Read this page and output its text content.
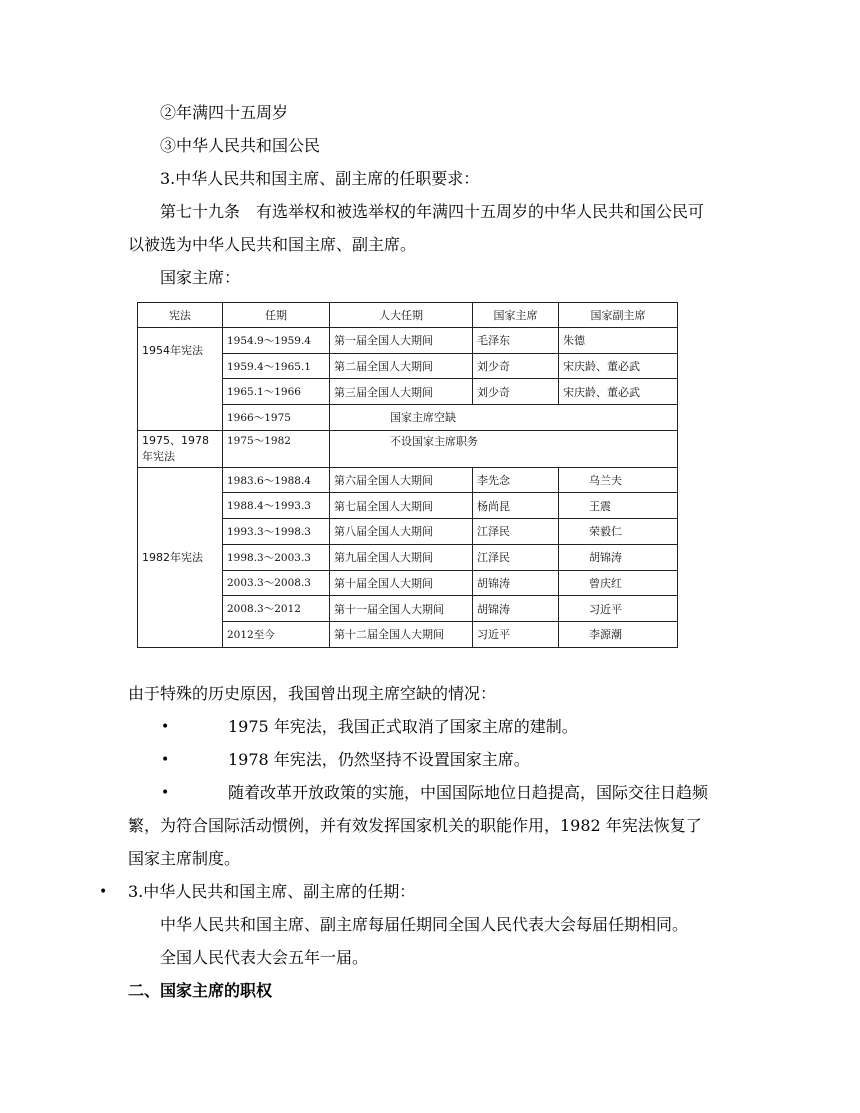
②年满四十五周岁
③中华人民共和国公民
3.中华人民共和国主席、副主席的任职要求：
第七十九条　有选举权和被选举权的年满四十五周岁的中华人民共和国公民可
以被选为中华人民共和国主席、副主席。
国家主席：
宪法	任期	人大任期	国家主席	国家副主席
1954年宪法	1954.9～1959.4	第一届全国人大期间	毛泽东	朱德
	1959.4～1965.1	第二届全国人大期间	刘少奇	宋庆龄、董必武
	1965.1～1966	第三届全国人大期间	刘少奇	宋庆龄、董必武
	1966～1975	国家主席空缺		
1975、1978年宪法	1975～1982	不设国家主席职务		
1982年宪法	1983.6～1988.4	第六届全国人大期间	李先念	乌兰夫
	1988.4～1993.3	第七届全国人大期间	杨尚昆	王震
	1993.3～1998.3	第八届全国人大期间	江泽民	荣毅仁
	1998.3～2003.3	第九届全国人大期间	江泽民	胡锦涛
	2003.3～2008.3	第十届全国人大期间	胡锦涛	曾庆红
	2008.3～2012	第十一届全国人大期间	胡锦涛	习近平
	2012至今	第十二届全国人大期间	习近平	李源潮
由于特殊的历史原因，我国曾出现主席空缺的情况：
•	1975 年宪法，我国正式取消了国家主席的建制。
•	1978 年宪法，仍然坚持不设置国家主席。
•	随着改革开放政策的实施，中国国际地位日趋提高，国际交往日趋频
繁，为符合国际活动惯例，并有效发挥国家机关的职能作用，1982 年宪法恢复了
国家主席制度。
• 3.中华人民共和国主席、副主席的任期：
中华人民共和国主席、副主席每届任期同全国人民代表大会每届任期相同。
全国人民代表大会五年一届。
二、国家主席的职权
